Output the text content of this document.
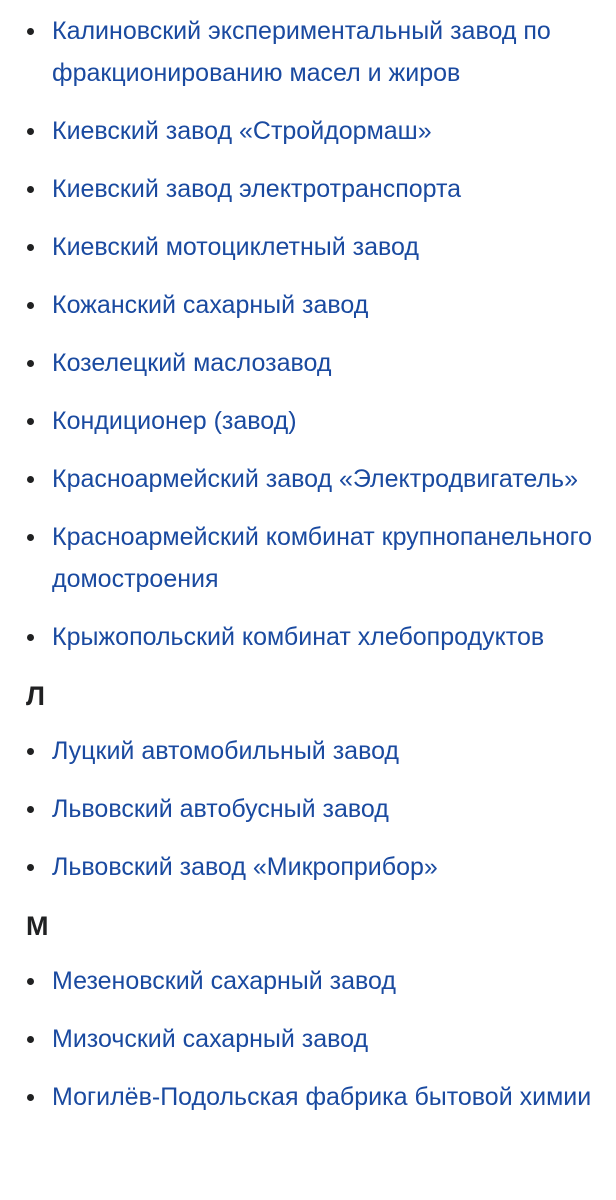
Калиновский экспериментальный завод по фракционированию масел и жиров
Киевский завод «Стройдормаш»
Киевский завод электротранспорта
Киевский мотоциклетный завод
Кожанский сахарный завод
Козелецкий маслозавод
Кондиционер (завод)
Красноармейский завод «Электродвигатель»
Красноармейский комбинат крупнопанельного домостроения
Крыжопольский комбинат хлебопродуктов
Л
Луцкий автомобильный завод
Львовский автобусный завод
Львовский завод «Микроприбор»
М
Мезеновский сахарный завод
Мизочский сахарный завод
Могилёв-Подольская фабрика бытовой химии
